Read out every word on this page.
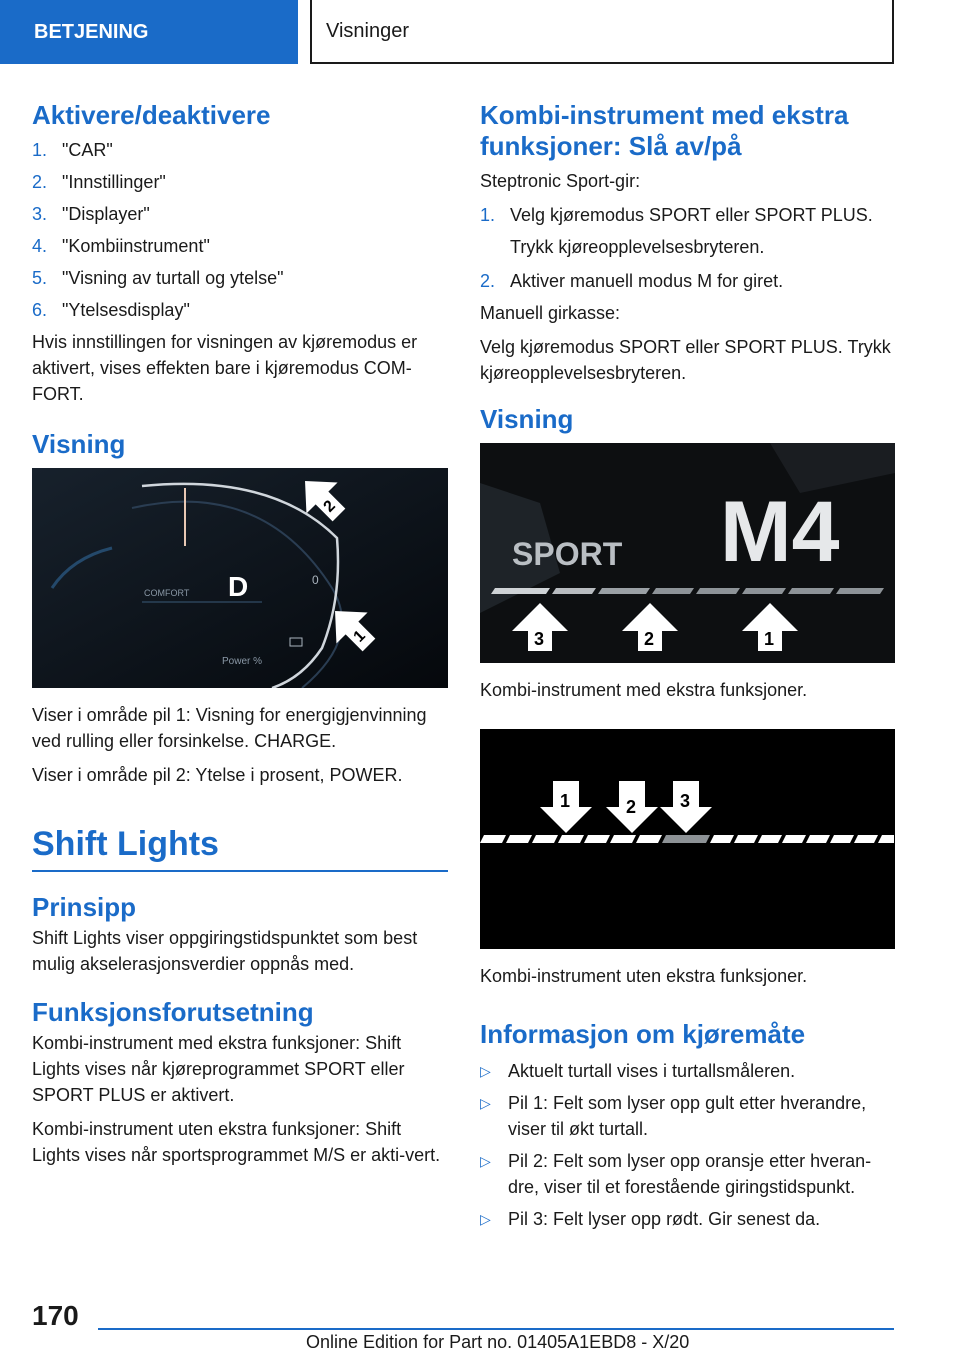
BETJENING	Visninger
Aktivere/deaktivere
1. "CAR"
2. "Innstillinger"
3. "Displayer"
4. "Kombiinstrument"
5. "Visning av turtall og ytelse"
6. "Ytelsesdisplay"

Hvis innstillingen for visningen av kjøremodus er aktivert, vises effekten bare i kjøremodus COM-FORT.

Visning
COMFORT D	0
Power %
2
1

Viser i område pil 1: Visning for energigjenvinning ved rulling eller forsinkelse. CHARGE.

Viser i område pil 2: Ytelse i prosent, POWER.

Shift Lights
Prinsipp

Shift Lights viser oppgiringstidspunktet som best mulig akselerasjonsverdier oppnås med.

Funksjonsforutsetning

Kombi-instrument med ekstra funksjoner: Shift Lights vises når kjøreprogrammet SPORT eller SPORT PLUS er aktivert.

Kombi-instrument uten ekstra funksjoner: Shift Lights vises når sportsprogrammet M/S er akti-vert.

Kombi-instrument med ekstra funksjoner: Slå av/på

Steptronic Sport-gir:

1. Velg kjøremodus SPORT eller SPORT PLUS.

Trykk kjøreopplevelsesbryteren.

2. Aktiver manuell modus M for giret.

Manuell girkasse:

Velg kjøremodus SPORT eller SPORT PLUS. Trykk kjøreopplevelsesbryteren.

Visning
SPORT M4
3	2	1

Kombi-instrument med ekstra funksjoner.

1	2 3

Kombi-instrument uten ekstra funksjoner.

Informasjon om kjøremåte
▷ Aktuelt turtall vises i turtallsmåleren.
▷ Pil 1: Felt som lyser opp gult etter hverandre, viser til økt turtall.
▷ Pil 2: Felt som lyser opp oransje etter hveran-dre, viser til et forestående giringstidspunkt.
▷ Pil 3: Felt lyser opp rødt. Gir senest da.
170
Online Edition for Part no. 01405A1EBD8 - X/20
